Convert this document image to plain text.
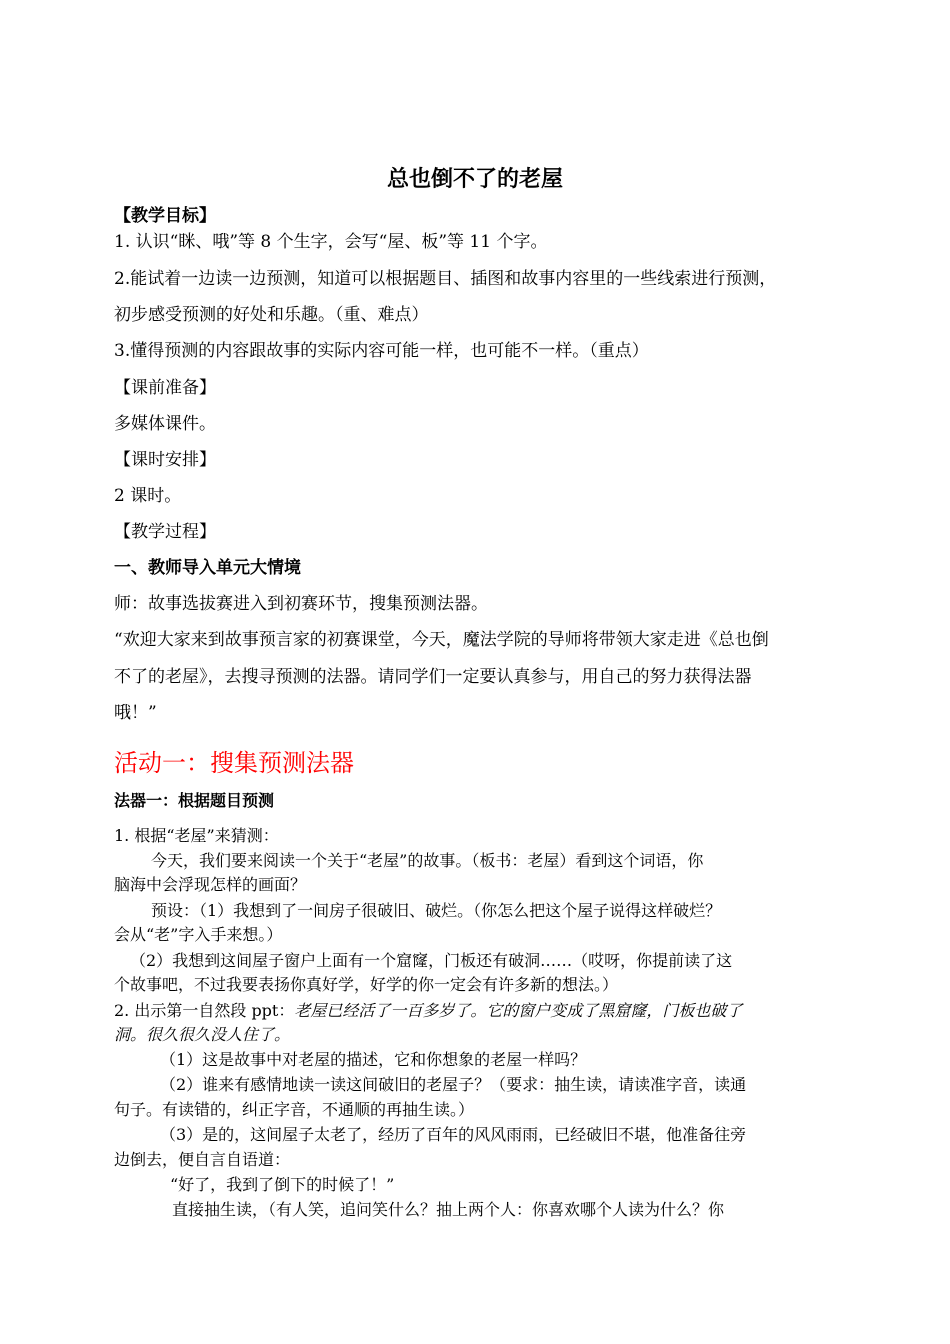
总也倒不了的老屋
【教学目标】
1. 认识“眯、哦”等 8 个生字，会写“屋、板”等 11 个字。
2.能试着一边读一边预测，知道可以根据题目、插图和故事内容里的一些线索进行预测，
初步感受预测的好处和乐趣。（重、难点）
3.懂得预测的内容跟故事的实际内容可能一样，也可能不一样。（重点）
【课前准备】
多媒体课件。
【课时安排】
2 课时。
【教学过程】
一、教师导入单元大情境
师：故事选拔赛进入到初赛环节，搜集预测法器。
“欢迎大家来到故事预言家的初赛课堂，今天，魔法学院的导师将带领大家走进《总也倒
不了的老屋》，去搜寻预测的法器。请同学们一定要认真参与，用自己的努力获得法器
哦！”
活动一：搜集预测法器
法器一：根据题目预测
1. 根据“老屋”来猜测：
今天，我们要来阅读一个关于“老屋”的故事。（板书：老屋）看到这个词语，你
脑海中会浮现怎样的画面？
预设：（1）我想到了一间房子很破旧、破烂。（你怎么把这个屋子说得这样破烂？
会从“老”字入手来想。）
（2）我想到这间屋子窗户上面有一个窟窿，门板还有破洞……（哎呀，你提前读了这
个故事吧，不过我要表扬你真好学，好学的你一定会有许多新的想法。）
2. 出示第一自然段 ppt：老屋已经活了一百多岁了。它的窗户变成了黑窟窿，门板也破了
洞。很久很久没人住了。
（1）这是故事中对老屋的描述，它和你想象的老屋一样吗？
（2）谁来有感情地读一读这间破旧的老屋子？（要求：抽生读，请读准字音，读通
句子。有读错的，纠正字音，不通顺的再抽生读。）
（3）是的，这间屋子太老了，经历了百年的风风雨雨，已经破旧不堪，他准备往旁
边倒去，便自言自语道：
“好了，我到了倒下的时候了！”
直接抽生读，（有人笑，追问笑什么？抽上两个人：你喜欢哪个人读为什么？你
